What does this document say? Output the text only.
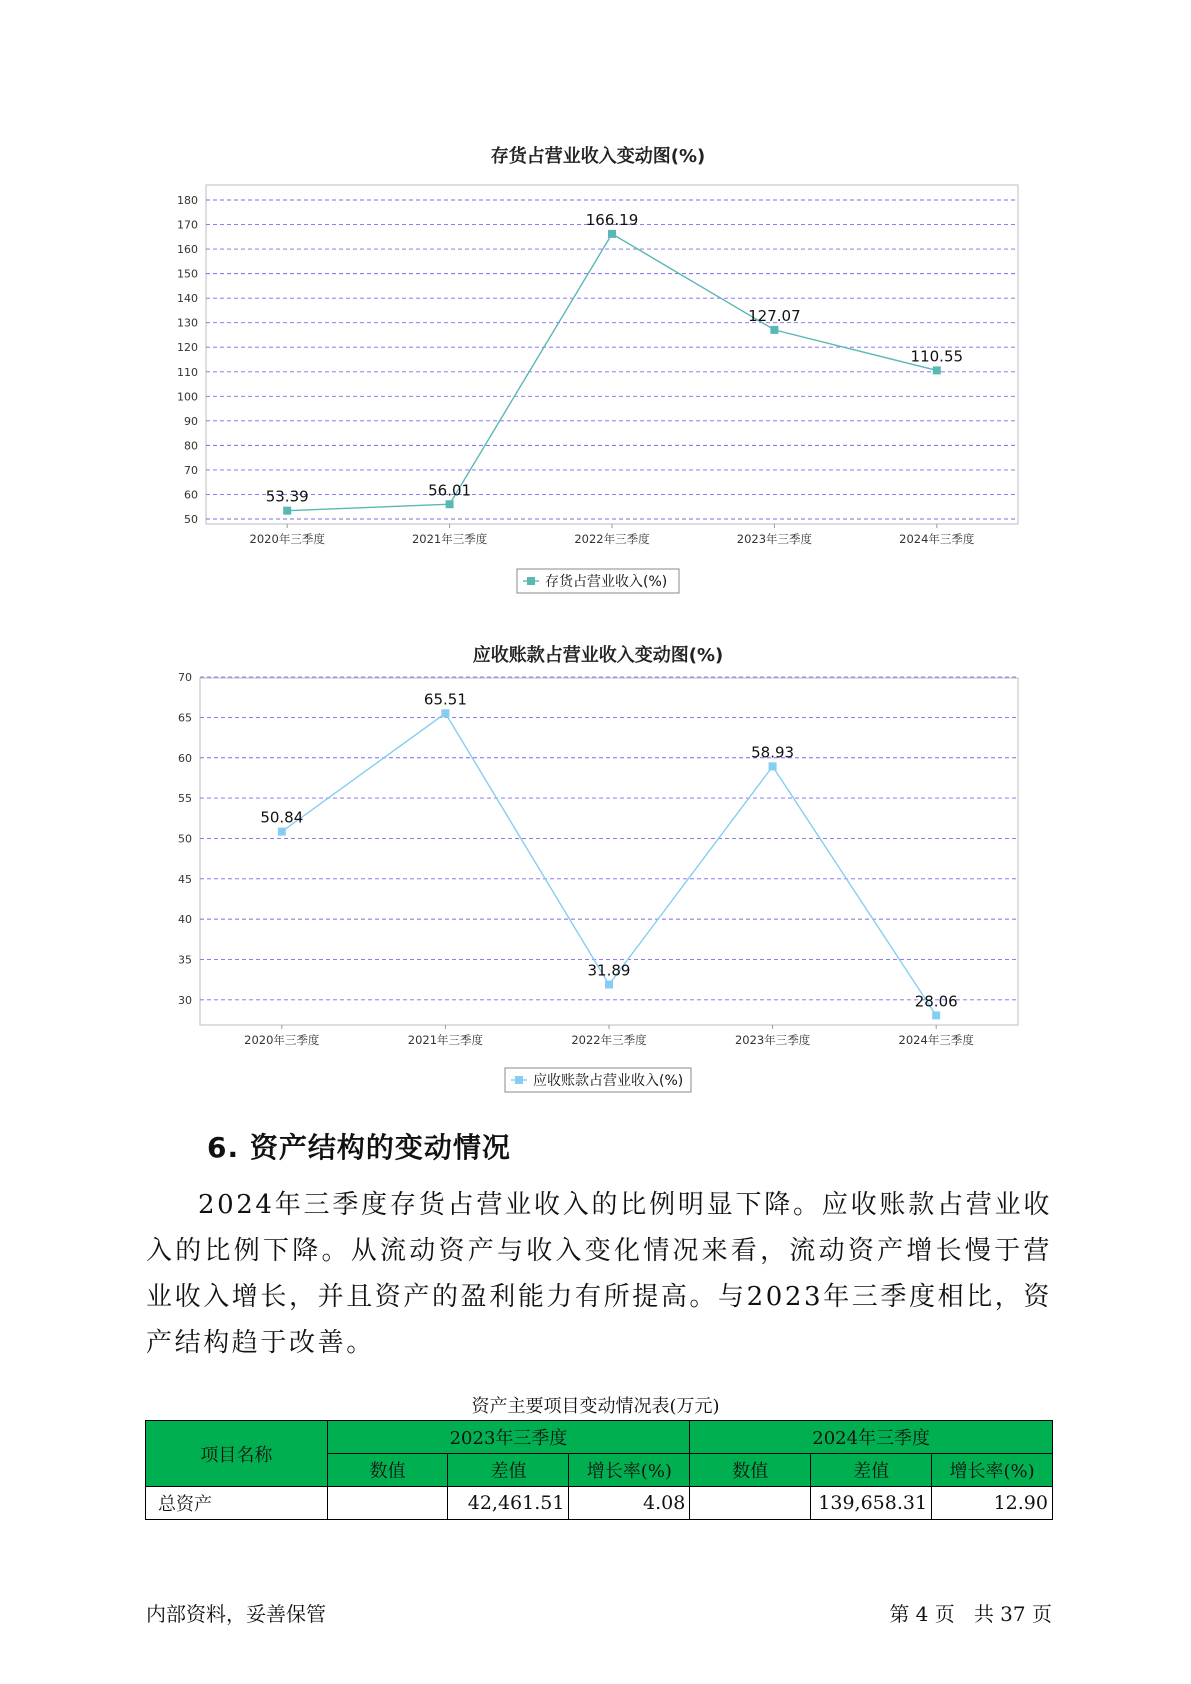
存货占营业收入变动图(%)
50
60
70
80
90
100
110
120
130
140
150
160
170
180
2020年三季度	2021年三季度	2022年三季度	2023年三季度	2024年三季度
53.39	56.01
166.19
127.07
110.55
存货占营业收入(%)
应收账款占营业收入变动图(%)
30
35
40
45
50
55
60
65
70
2020年三季度	2021年三季度	2022年三季度	2023年三季度	2024年三季度
50.84
65.51
31.89
58.93
28.06
应收账款占营业收入(%)
6. 资产结构的变动情况

2024年三季度存货占营业收入的比例明显下降。应收账款占营业收入的比例下降。从流动资产与收入变化情况来看，流动资产增长慢于营业收入增长，并且资产的盈利能力有所提高。与2023年三季度相比，资产结构趋于改善。

资产主要项目变动情况表(万元)
项目名称	2023年三季度			2024年三季度		
	数值	差值	增长率(%)	数值	差值	增长率(%)
总资产		42,461.51	4.08		139,658.31	12.90
内部资料，妥善保管	第 4 页   共 37 页
